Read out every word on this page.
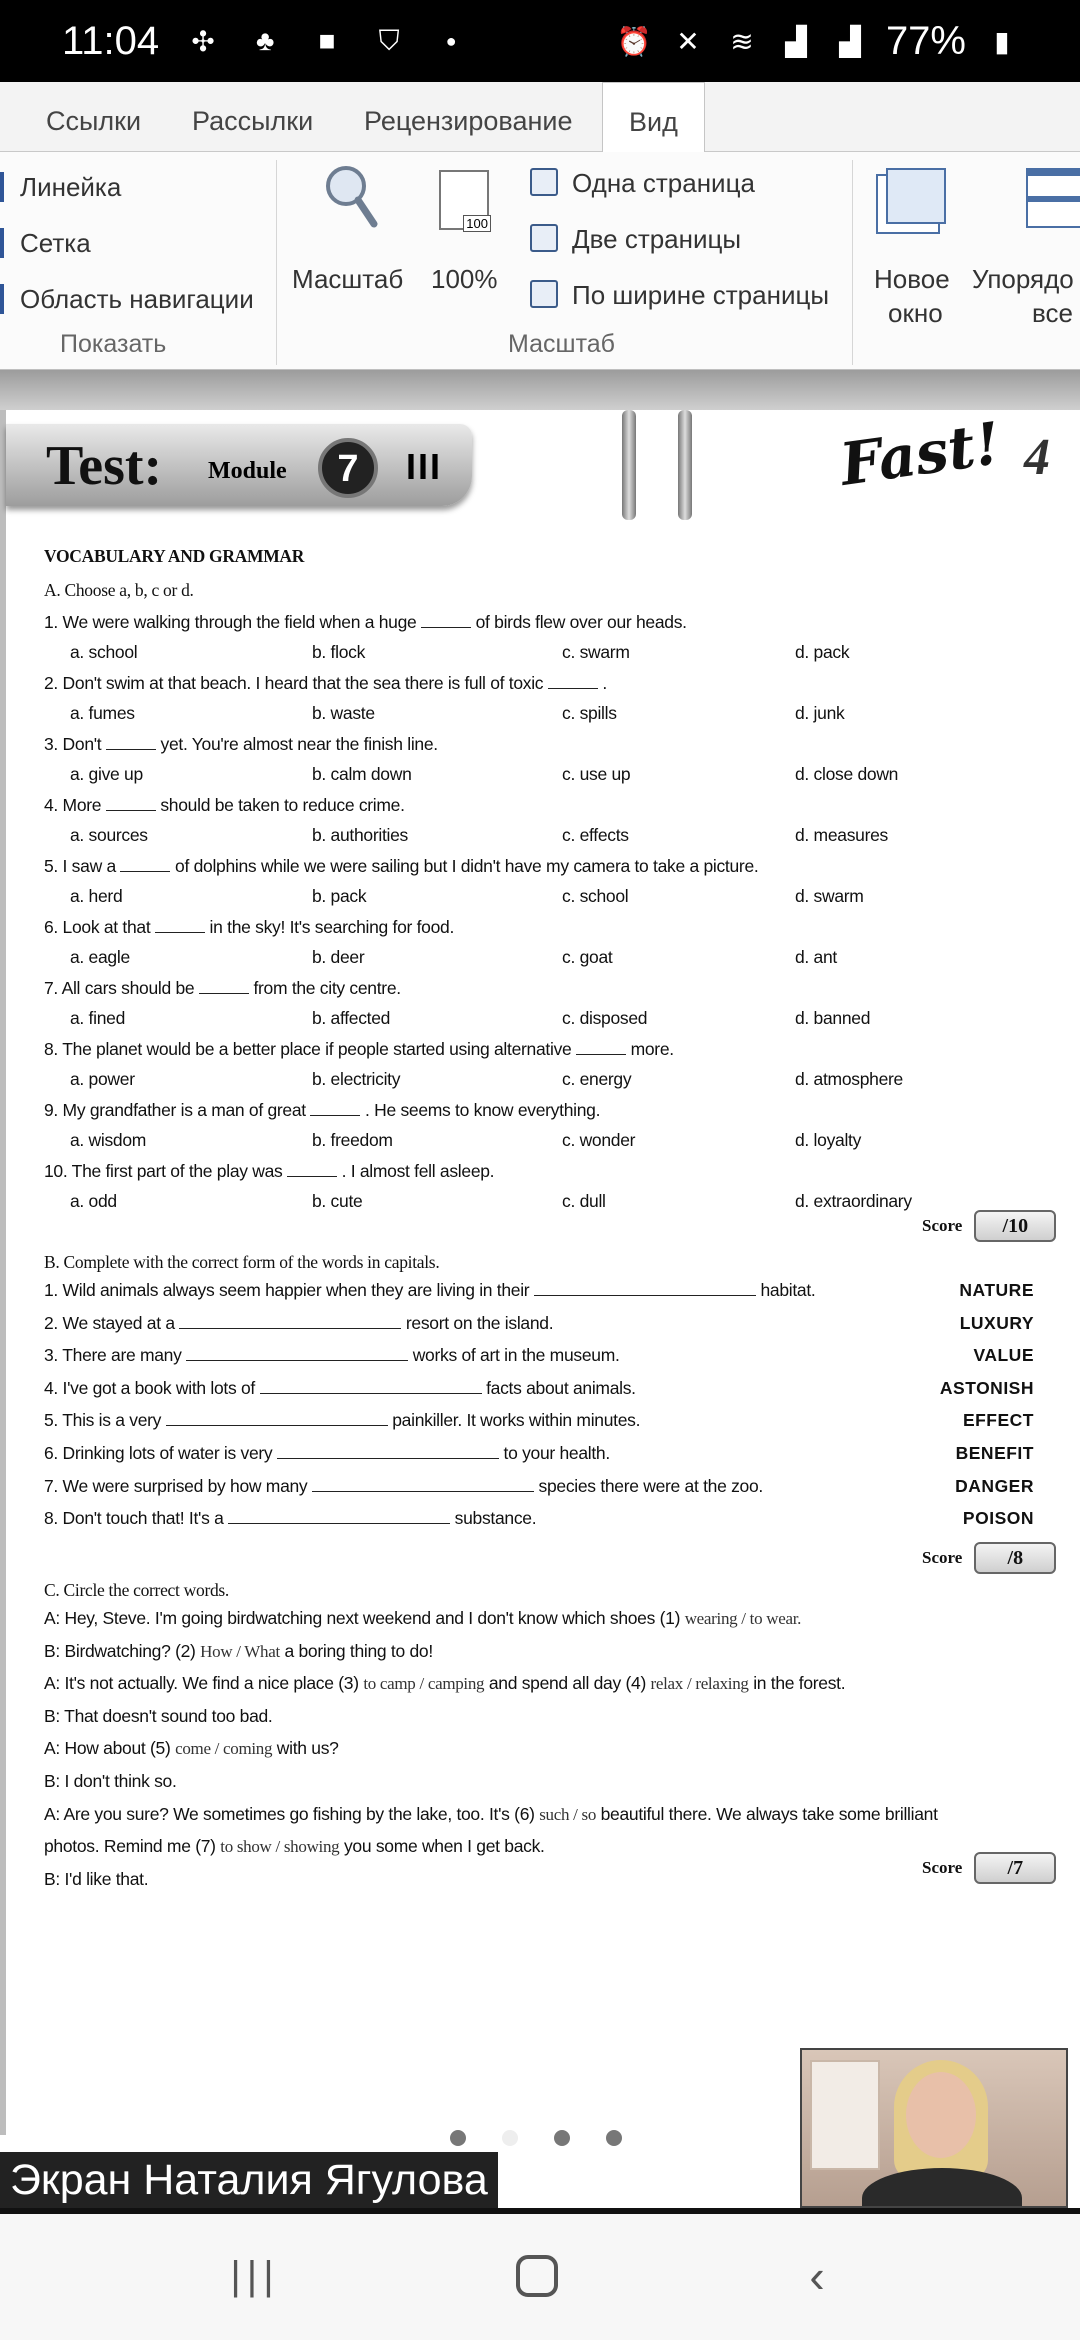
11:04 ✣	♣	■	⛉	●	⏰ ✕ ≋ ▟ ▟ 77%	▮
Ссылки Рассылки Рецензирование	Вид
Линейка
Сетка
Область навигации
Показать
Масштаб
100
100%
Одна страница
Две страницы
По ширине страницы
Масштаб
Новое
окно
Упорядо
все
Test: Module	7	III	Fast! 4
VOCABULARY AND GRAMMAR
A. Choose a, b, c or d.
1. We were walking through the field when a huge	of birds flew over our heads.
a. school	b. flock	c. swarm	d. pack
2. Don't swim at that beach. I heard that the sea there is full of toxic	.
a. fumes	b. waste	c. spills	d. junk
3. Don't	yet. You're almost near the finish line.
a. give up	b. calm down	c. use up	d. close down
4. More	should be taken to reduce crime.
a. sources	b. authorities	c. effects	d. measures
5. I saw a	of dolphins while we were sailing but I didn't have my camera to take a picture.
a. herd	b. pack	c. school	d. swarm
6. Look at that	in the sky! It's searching for food.
a. eagle	b. deer	c. goat	d. ant
7. All cars should be	from the city centre.
a. fined	b. affected	c. disposed	d. banned
8. The planet would be a better place if people started using alternative	more.
a. power	b. electricity	c. energy	d. atmosphere
9. My grandfather is a man of great	. He seems to know everything.
a. wisdom	b. freedom	c. wonder	d. loyalty
10. The first part of the play was	. I almost fell asleep.
a. odd	b. cute	c. dull	d. extraordinary
Score	/10
B. Complete with the correct form of the words in capitals.
1. Wild animals always seem happier when they are living in their	habitat.	NATURE
2. We stayed at a	resort on the island.	LUXURY
3. There are many	works of art in the museum.	VALUE
4. I've got a book with lots of	facts about animals.	ASTONISH
5. This is a very	painkiller. It works within minutes.	EFFECT
6. Drinking lots of water is very	to your health.	BENEFIT
7. We were surprised by how many	species there were at the zoo.	DANGER
8. Don't touch that! It's a	substance.	POISON
Score	/8
C. Circle the correct words.
A: Hey, Steve. I'm going birdwatching next weekend and I don't know which shoes (1) wearing / to wear.
B: Birdwatching? (2) How / What a boring thing to do!
A: It's not actually. We find a nice place (3) to camp / camping and spend all day (4) relax / relaxing in the forest.
B: That doesn't sound too bad.
A: How about (5) come / coming with us?
B: I don't think so.
A: Are you sure? We sometimes go fishing by the lake, too. It's (6) such / so beautiful there. We always take some brilliant
photos. Remind me (7) to show / showing you some when I get back.
B: I'd like that.
Score	/7
Экран Наталия Ягулова
|||	‹
